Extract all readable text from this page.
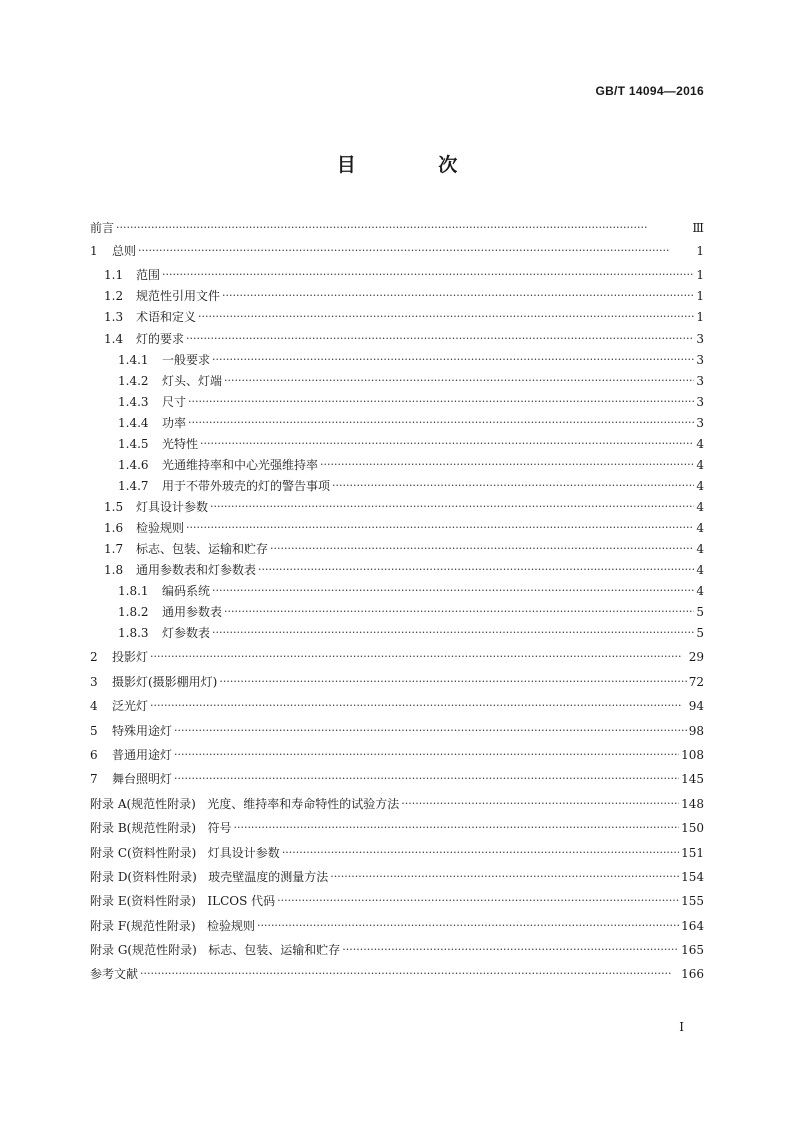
GB/T 14094—2016
目 次
前言 ·····	Ⅲ
1	总则 ·····	1
1.1	范围 ·····	1
1.2	规范性引用文件 ·····	1
1.3	术语和定义 ·····	1
1.4	灯的要求 ·····	3
1.4.1	一般要求 ·····	3
1.4.2	灯头、灯端 ·····	3
1.4.3	尺寸 ·····	3
1.4.4	功率 ·····	3
1.4.5	光特性 ·····	4
1.4.6	光通维持率和中心光强维持率 ·····	4
1.4.7	用于不带外玻壳的灯的警告事项 ·····	4
1.5	灯具设计参数 ·····	4
1.6	检验规则 ·····	4
1.7	标志、包装、运输和贮存 ·····	4
1.8	通用参数表和灯参数表 ·····	4
1.8.1	编码系统 ·····	4
1.8.2	通用参数表 ·····	5
1.8.3	灯参数表 ·····	5
2	投影灯 ·····	29
3	摄影灯(摄影棚用灯) ·····	72
4	泛光灯 ·····	94
5	特殊用途灯 ·····	98
6	普通用途灯 ·····	108
7	舞台照明灯 ·····	145
附录 A(规范性附录)   光度、维持率和寿命特性的试验方法 ·····	148
附录 B(规范性附录)   符号 ·····	150
附录 C(资料性附录)   灯具设计参数 ·····	151
附录 D(资料性附录)   玻壳壁温度的测量方法 ·····	154
附录 E(资料性附录)   ILCOS 代码 ·····	155
附录 F(规范性附录)   检验规则 ·····	164
附录 G(规范性附录)   标志、包装、运输和贮存 ·····	165
参考文献 ·····	166
I
